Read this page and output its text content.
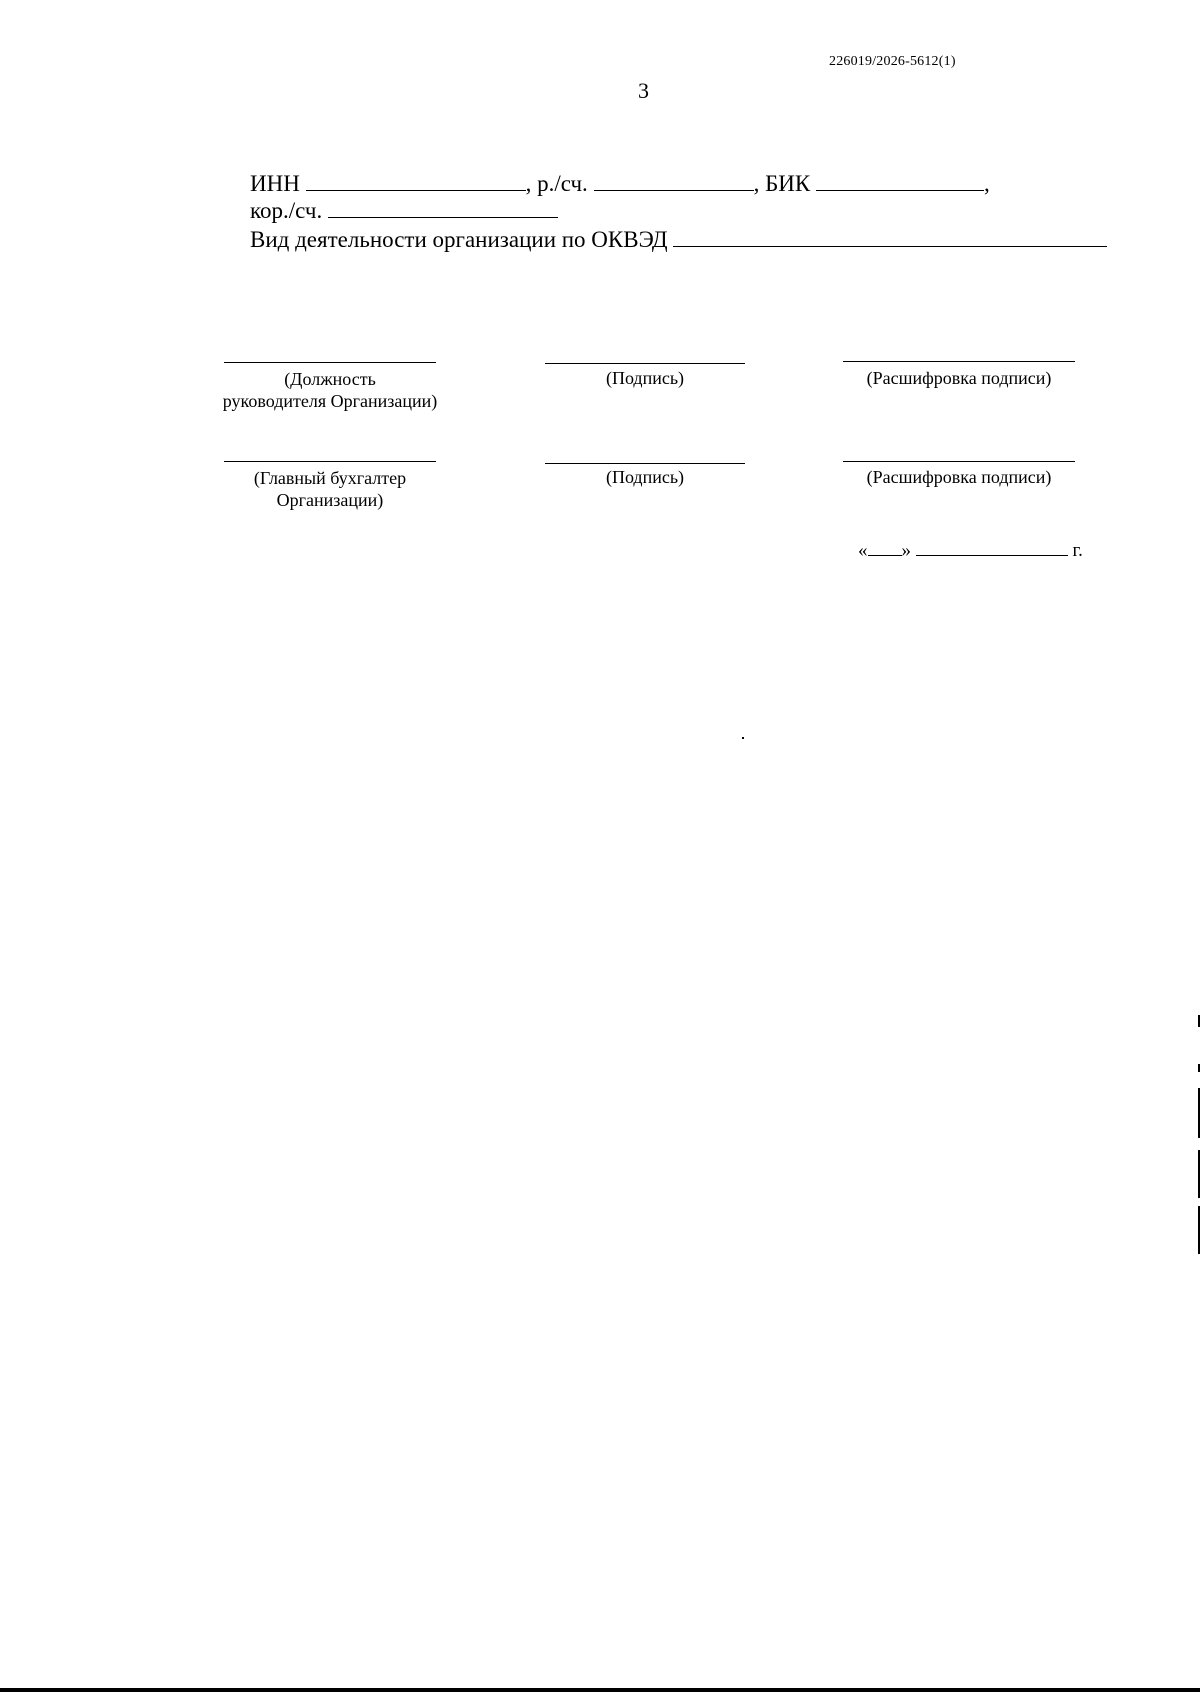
226019/2026-5612(1)
3
ИНН	, р./сч.	, БИК	,
кор./сч.
Вид деятельности организации по ОКВЭД
(Должность
руководителя Организации)
(Подпись)	(Расшифровка подписи)
(Главный бухгалтер
Организации)
(Подпись)	(Расшифровка подписи)
« »	г.
